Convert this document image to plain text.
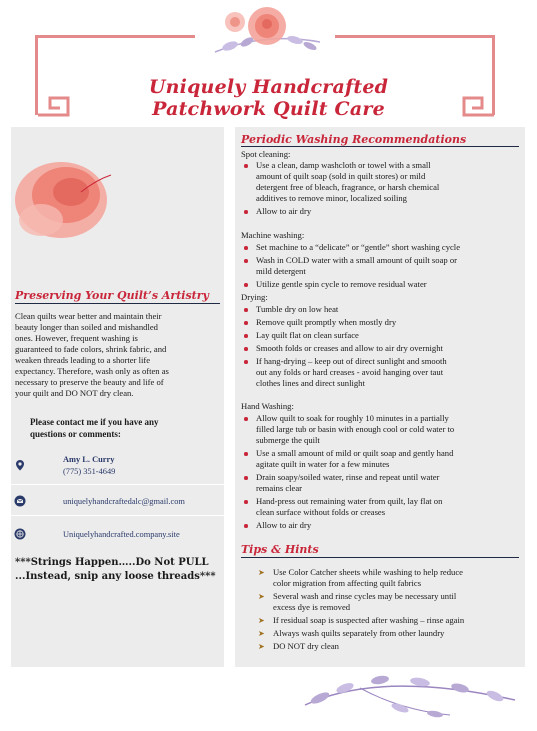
Uniquely Handcrafted
Patchwork Quilt Care
Preserving Your Quilt’s Artistry
Clean quilts wear better and maintain their
beauty longer than soiled and mishandled
ones. However, frequent washing is
guaranteed to fade colors, shrink fabric, and
weaken threads leading to a shorter life
expectancy. Therefore, wash only as often as
necessary to preserve the beauty and life of
your quilt and DO NOT dry clean.
Please contact me if you have any
questions or comments:
Amy L. Curry
(775) 351-4649
uniquelyhandcraftedalc@gmail.com
Uniquelyhandcrafted.company.site
***Strings Happen…..Do Not PULL
...Instead, snip any loose threads***
Periodic Washing Recommendations
Spot cleaning:
Use a clean, damp washcloth or towel with a small
amount of quilt soap (sold in quilt stores) or mild
detergent free of bleach, fragrance, or harsh chemical
additives to remove minor, localized soiling
Allow to air dry
Machine washing:
Set machine to a “delicate” or “gentle” short washing cycle
Wash in COLD water with a small amount of quilt soap or
mild detergent
Utilize gentle spin cycle to remove residual water
Drying:
Tumble dry on low heat
Remove quilt promptly when mostly dry
Lay quilt flat on clean surface
Smooth folds or creases and allow to air dry overnight
If hang-drying – keep out of direct sunlight and smooth
out any folds or hard creases - avoid hanging over taut
clothes lines and direct sunlight
Hand Washing:
Allow quilt to soak for roughly 10 minutes in a partially
filled large tub or basin with enough cool or cold water to
submerge the quilt
Use a small amount of mild or quilt soap and gently hand
agitate quilt in water for a few minutes
Drain soapy/soiled water, rinse and repeat until water
remains clear
Hand-press out remaining water from quilt, lay flat on
clean surface without folds or creases
Allow to air dry
Tips & Hints
➤ Use Color Catcher sheets while washing to help reduce
color migration from affecting quilt fabrics
➤ Several wash and rinse cycles may be necessary until
excess dye is removed
➤ If residual soap is suspected after washing – rinse again
➤ Always wash quilts separately from other laundry
➤ DO NOT dry clean
